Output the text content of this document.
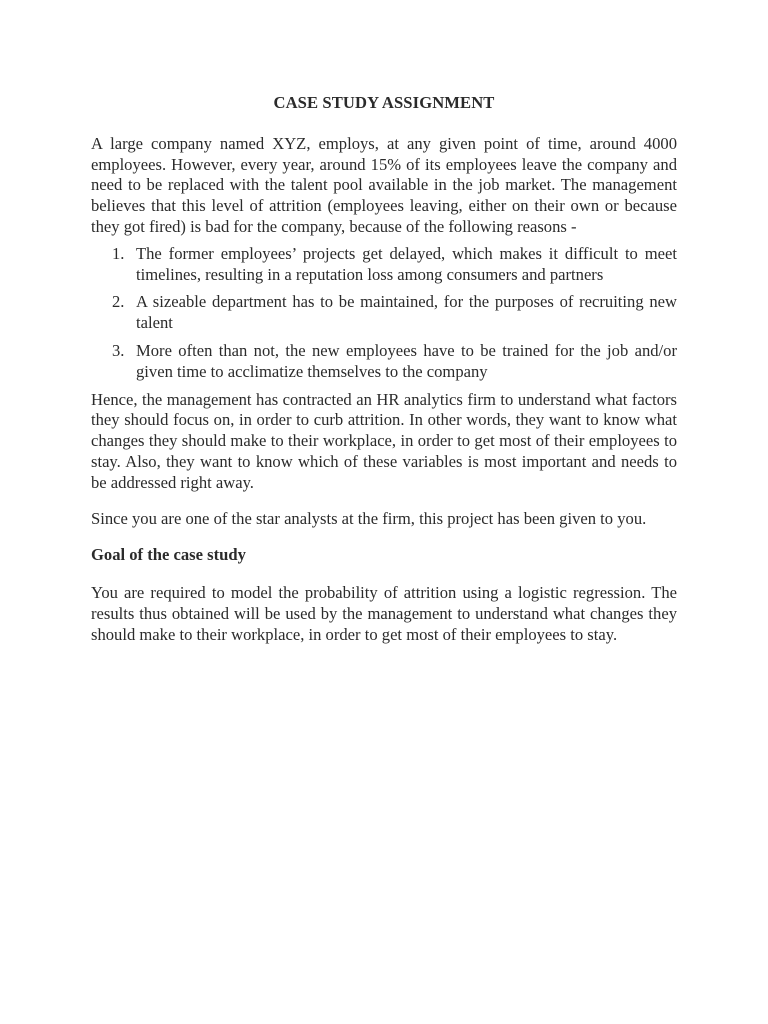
CASE STUDY ASSIGNMENT

A large company named XYZ, employs, at any given point of time, around 4000 employees. However, every year, around 15% of its employees leave the company and need to be replaced with the talent pool available in the job market. The management believes that this level of attrition (employees leaving, either on their own or because they got fired) is bad for the company, because of the following reasons -

1. The former employees’ projects get delayed, which makes it difficult to meet timelines, resulting in a reputation loss among consumers and partners
2. A sizeable department has to be maintained, for the purposes of recruiting new talent
3. More often than not, the new employees have to be trained for the job and/or given time to acclimatize themselves to the company

Hence, the management has contracted an HR analytics firm to understand what factors they should focus on, in order to curb attrition. In other words, they want to know what changes they should make to their workplace, in order to get most of their employees to stay. Also, they want to know which of these variables is most important and needs to be addressed right away.

Since you are one of the star analysts at the firm, this project has been given to you.

Goal of the case study

You are required to model the probability of attrition using a logistic regression. The results thus obtained will be used by the management to understand what changes they should make to their workplace, in order to get most of their employees to stay.
